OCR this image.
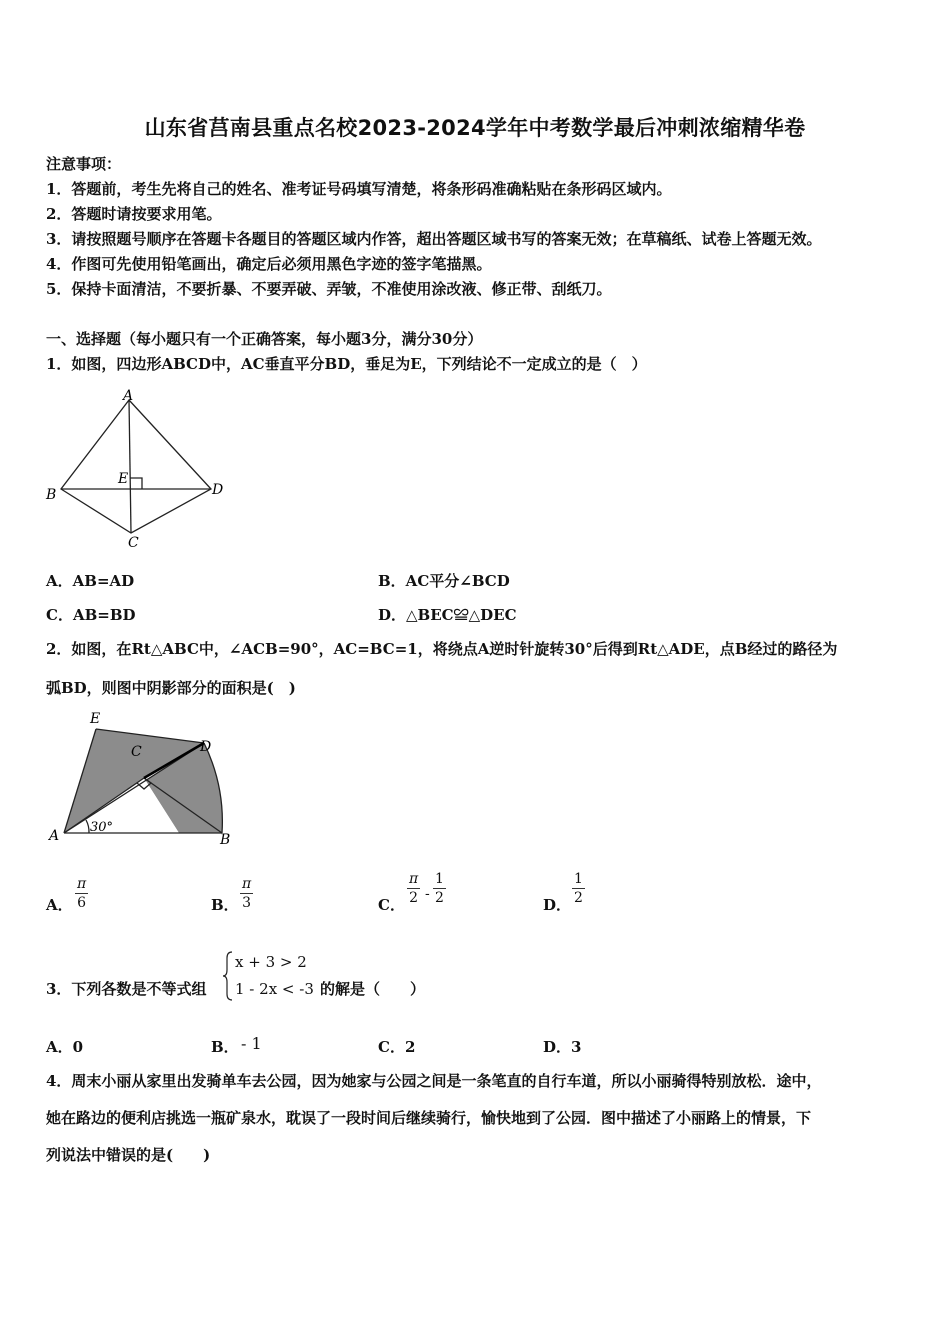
山东省莒南县重点名校2023-2024学年中考数学最后冲刺浓缩精华卷
注意事项：
1．答题前，考生先将自己的姓名、准考证号码填写清楚，将条形码准确粘贴在条形码区域内。
2．答题时请按要求用笔。
3．请按照题号顺序在答题卡各题目的答题区域内作答，超出答题区域书写的答案无效；在草稿纸、试卷上答题无效。
4．作图可先使用铅笔画出，确定后必须用黑色字迹的签字笔描黑。
5．保持卡面清洁，不要折暴、不要弄破、弄皱，不准使用涂改液、修正带、刮纸刀。
一、选择题（每小题只有一个正确答案，每小题3分，满分30分）
1．如图，四边形ABCD中，AC垂直平分BD，垂足为E，下列结论不一定成立的是（　）
A
B
C
D
E
A．AB=AD	B．AC平分∠BCD
C．AB=BD	D．△BEC≌△DEC
2．如图，在Rt△ABC中，∠ACB=90°，AC=BC=1，将绕点A逆时针旋转30°后得到Rt△ADE，点B经过的路径为
弧BD，则图中阴影部分的面积是(　)
E
C	D
A	B
30°
A． $\frac{\pi}{6}$	B． $\frac{\pi}{3}$	C． $\frac{\pi}{2} - \frac{1}{2}$	D． $\frac{1}{2}$
3．下列各数是不等式组
x + 3 > 2
1 - 2x < -3 的解是（　　）
A．0	B． - 1	C．2	D．3
4．周末小丽从家里出发骑单车去公园，因为她家与公园之间是一条笔直的自行车道，所以小丽骑得特别放松．途中，
她在路边的便利店挑选一瓶矿泉水，耽误了一段时间后继续骑行，愉快地到了公园．图中描述了小丽路上的情景，下
列说法中错误的是(　　)
